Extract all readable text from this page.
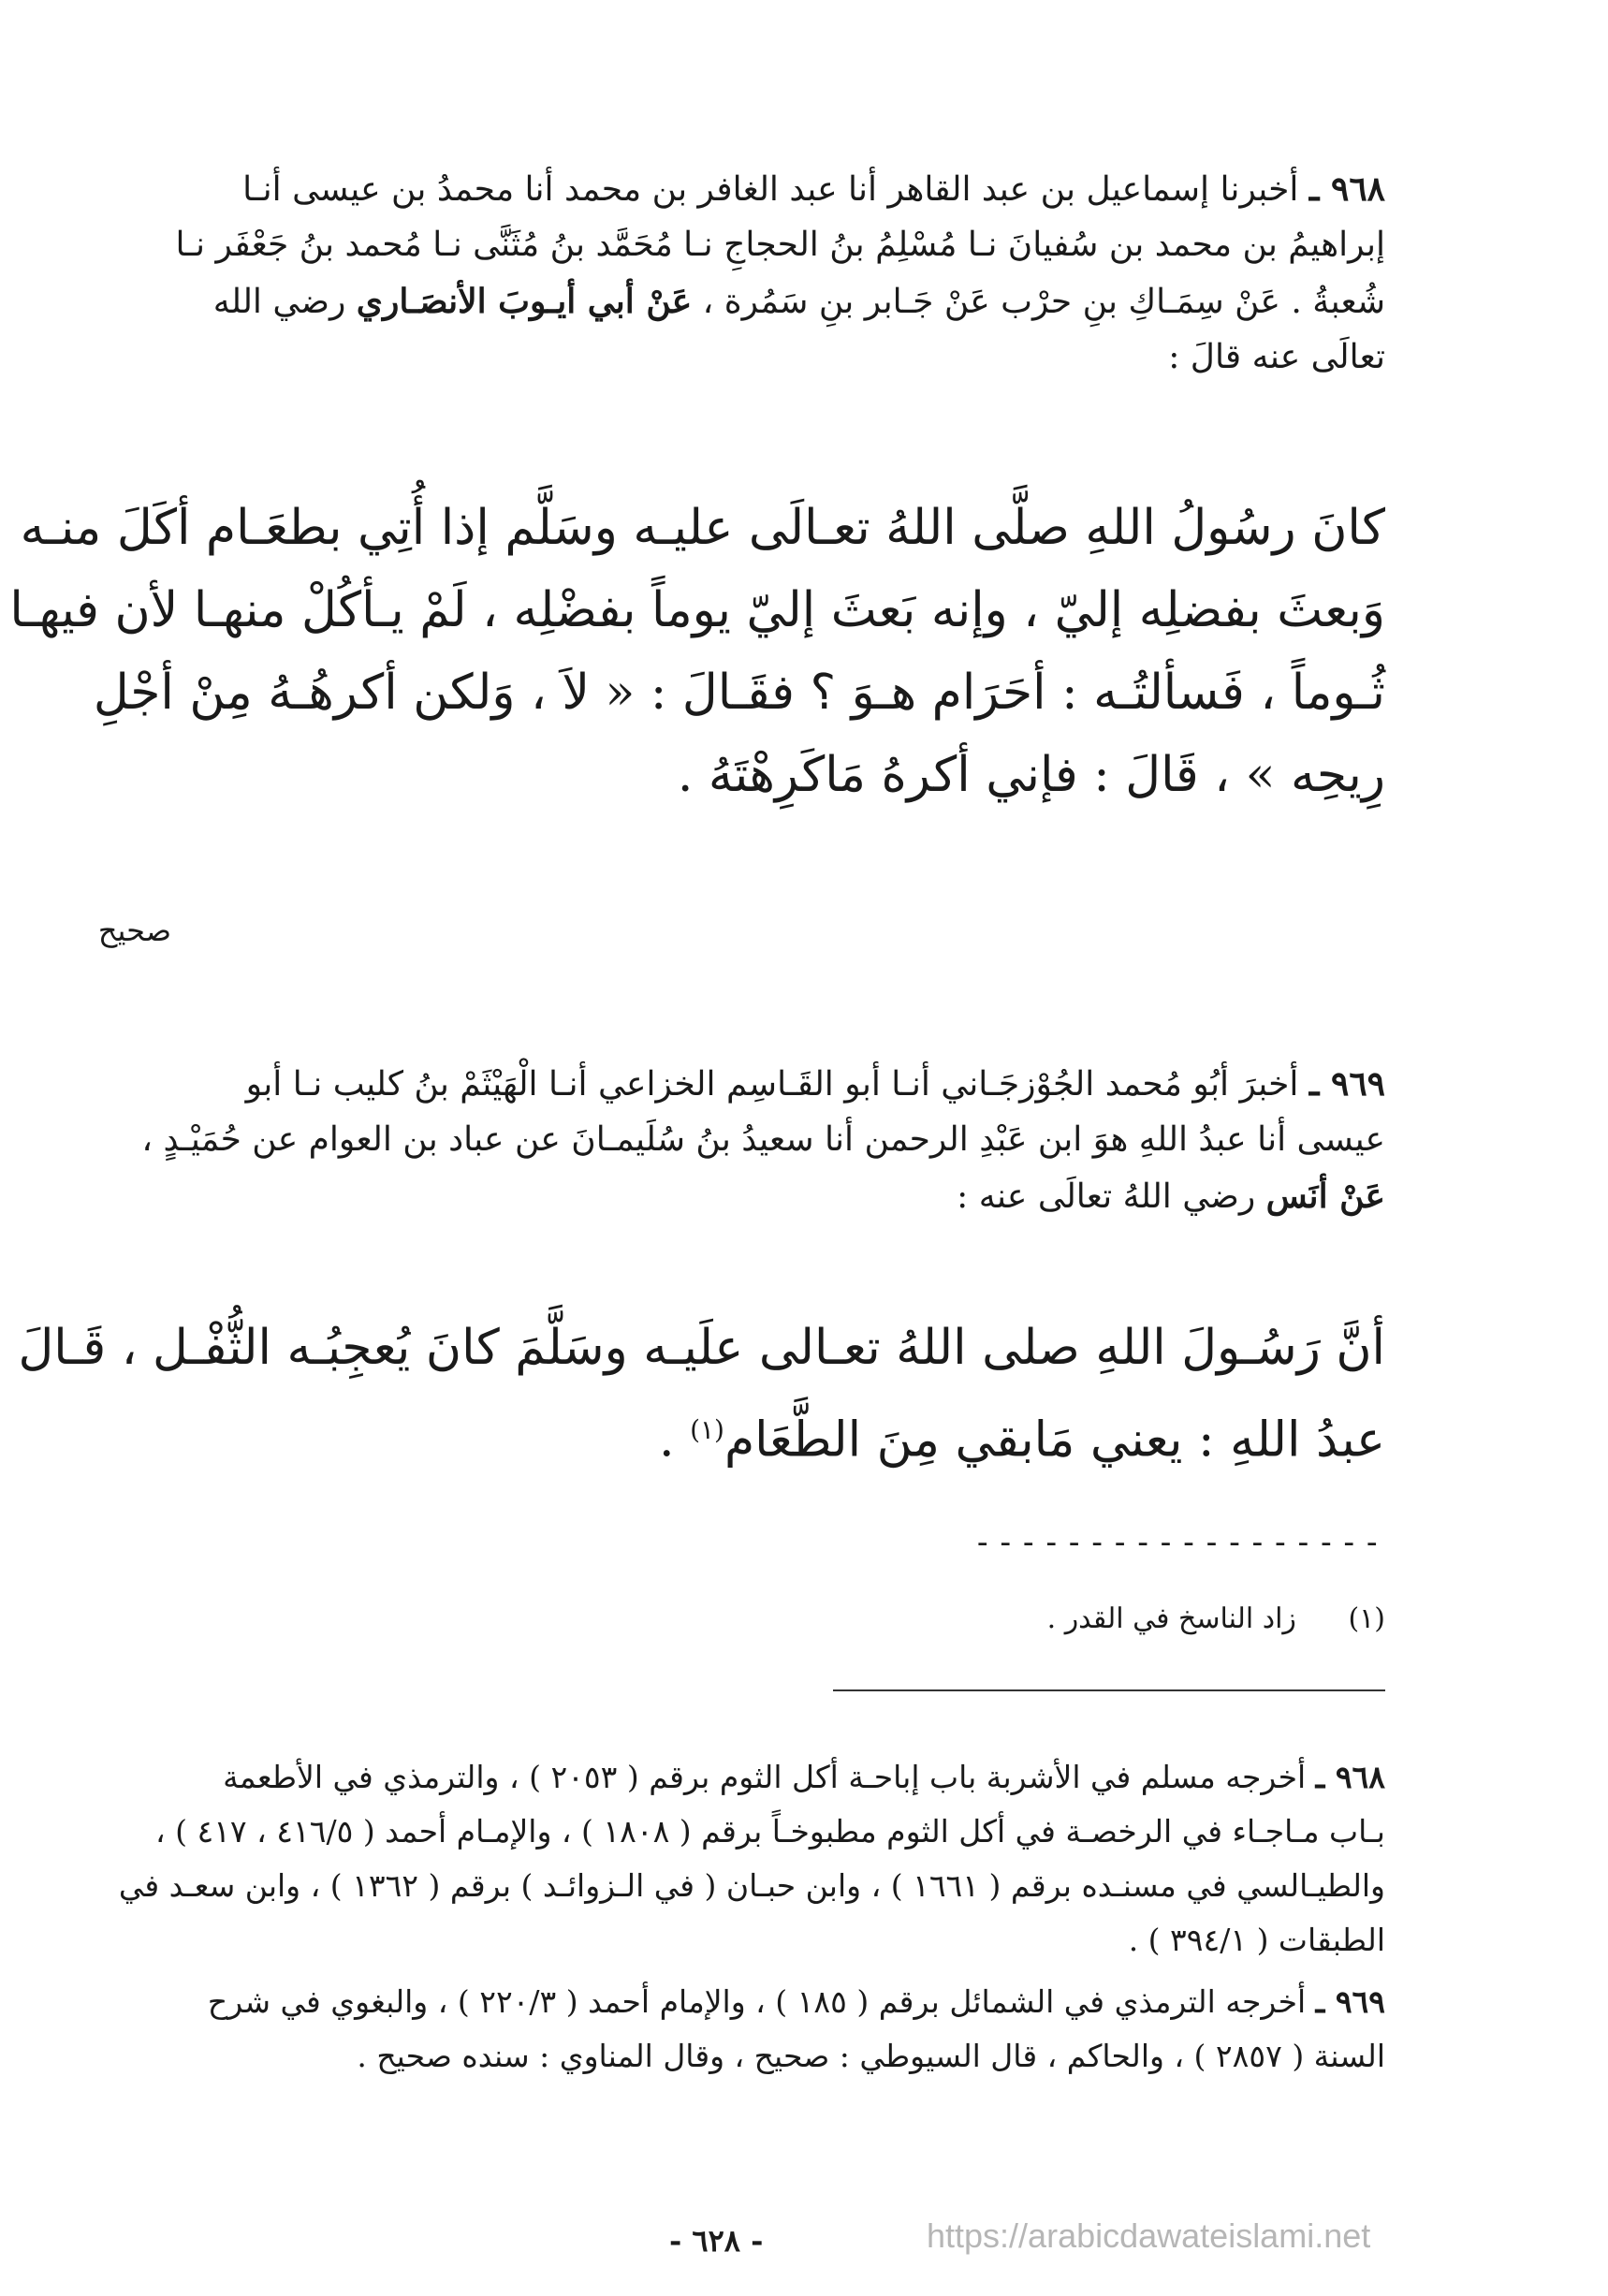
٩٦٨ ـ أخبرنا إسماعيل بن عبد القاهر أنا عبد الغافر بن محمد أنا محمدُ بن عيسى أنـا
إبراهيمُ بن محمد بن سُفيانَ نـا مُسْلِمُ بنُ الحجاجِ نـا مُحَمَّد بنُ مُثَنَّى نـا مُحمد بنُ جَعْفَر نـا
شُعبةُ . عَنْ سِمَـاكِ بنِ حرْب عَنْ جَـابر بنِ سَمُرة ، عَنْ أبي أيـوبَ الأنصَـاري رضي الله
تعالَى عنه قالَ :
كانَ رسُولُ اللهِ صلَّى اللهُ تعـالَى عليـه وسَلَّم إذا أُتِي بطعَـام أكَلَ منـه
وَبعثَ بفضلِه إليّ ، وإنه بَعثَ إليّ يوماً بفضْلِه ، لَمْ يـأكُلْ منهـا لأن فيهـا
ثُـوماً ، فَسألتُـه : أحَرَام هـوَ ؟ فقَـالَ : « لاَ ، وَلكن أكرهُـهُ مِنْ أجْلِ
رِيحِه » ، قَالَ : فإني أكرهُ مَاكَرِهْتَهُ .
صحيح
٩٦٩ ـ أخبرَ أبُو مُحمد الجُوْزجَـاني أنـا أبو القَـاسِم الخزاعي أنـا الْهَيْثَمْ بنُ كليب نـا أبو
عيسى أنا عبدُ اللهِ هوَ ابن عَبْدِ الرحمن أنا سعيدُ بنُ سُلَيمـانَ عن عباد بن العوام عن حُمَيْـدٍ ،
عَنْ أنَس رضي اللهُ تعالَى عنه :
أنَّ رَسُـولَ اللهِ صلى اللهُ تعـالى علَيـه وسَلَّمَ كانَ يُعجِبُـه الثُّفْـل ، قَـالَ
عبدُ اللهِ : يعني مَابقي مِنَ الطَّعَام$^{(١)}$ .
------------------
(١) زاد الناسخ في القدر .
٩٦٨ ـ أخرجه مسلم في الأشربة باب إباحـة أكل الثوم برقم ( ٢٠٥٣ ) ، والترمذي في الأطعمة
بـاب مـاجـاء في الرخصـة في أكل الثوم مطبوخـاً برقم ( ١٨٠٨ ) ، والإمـام أحمد ( ٤١٦/٥ ، ٤١٧ ) ،
والطيـالسي في مسنـده برقم ( ١٦٦١ ) ، وابن حبـان ( في الـزوائـد ) برقم ( ١٣٦٢ ) ، وابن سعـد في
الطبقات ( ٣٩٤/١ ) .
٩٦٩ ـ أخرجه الترمذي في الشمائل برقم ( ١٨٥ ) ، والإمام أحمد ( ٢٢٠/٣ ) ، والبغوي في شرح
السنة ( ٢٨٥٧ ) ، والحاكم ، قال السيوطي : صحيح ، وقال المناوي : سنده صحيح .
- ٦٢٨ -	https://arabicdawateislami.net
